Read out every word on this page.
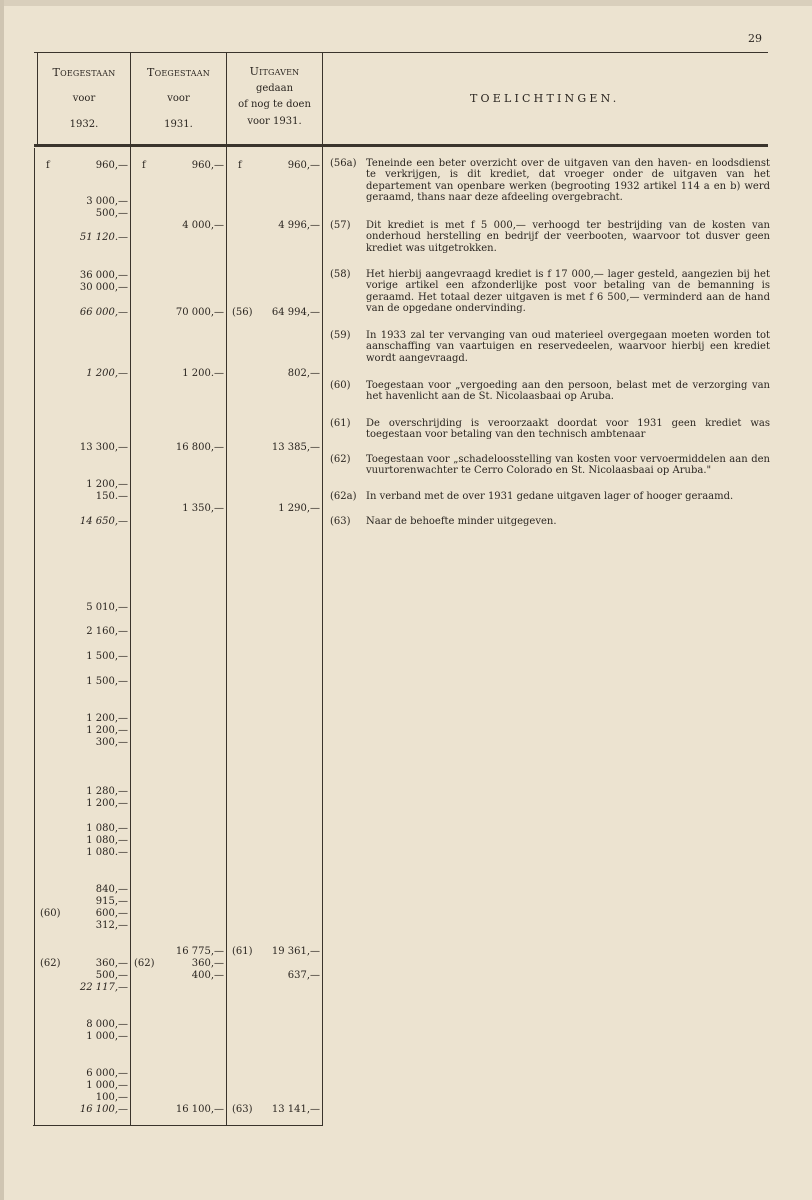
29
Toegestaan
voor
1932.
Toegestaan
voor
1931.
Uitgaven
gedaan
of nog te doen
voor 1931.
TOELICHTINGEN.
f	f	f
960,—
3 000,—
500,—
51 120.—
36 000,—
30 000,—
66 000,—
1 200,—
13 300,—
1 200,—
150.—
14 650,—
5 010,—
2 160,—
1 500,—
1 500,—
1 200,—
1 200,—
300,—
1 280,—
1 200,—
1 080,—
1 080,—
1 080.—
840,—
915,—
600,—
312,—
360,—
500,—
22 117,—
8 000,—
1 000,—
6 000,—
1 000,—
100,—
16 100,—
(60)
(62)
960,—
4 000,—
70 000,—
1 200.—
16 800,—
1 350,—
16 775,—
360,—
400,—
16 100,—
(62)
960,—
4 996,—
64 994,—
802,—
13 385,—
1 290,—
19 361,—
637,—
13 141,—
(56)
(61)
(63)
(56a) Teneinde een beter overzicht over de uitgaven van den haven- en loodsdienst te verkrijgen, is dit krediet, dat vroeger onder de uitgaven van het departement van openbare werken (begrooting 1932 artikel 114 a en b) werd geraamd, thans naar deze afdeeling overgebracht.
(57) Dit krediet is met f 5 000,— verhoogd ter bestrijding van de kosten van onderhoud herstelling en bedrijf der veerbooten, waarvoor tot dusver geen krediet was uitgetrokken.
(58) Het hierbij aangevraagd krediet is f 17 000,— lager gesteld, aangezien bij het vorige artikel een afzonderlijke post voor betaling van de bemanning is geraamd. Het totaal dezer uitgaven is met f 6 500,— verminderd aan de hand van de opgedane ondervinding.
(59) In 1933 zal ter vervanging van oud materieel overgegaan moeten worden tot aanschaffing van vaartuigen en reservedeelen, waarvoor hierbij een krediet wordt aangevraagd.
(60) Toegestaan voor „vergoeding aan den persoon, belast met de verzorging van het havenlicht aan de St. Nicolaasbaai op Aruba.
(61) De overschrijding is veroorzaakt doordat voor 1931 geen krediet was toegestaan voor betaling van den technisch ambtenaar
(62) Toegestaan voor „schadeloosstelling van kosten voor vervoermiddelen aan den vuurtorenwachter te Cerro Colorado en St. Nicolaasbaai op Aruba."
(62a) In verband met de over 1931 gedane uitgaven lager of hooger geraamd.
(63) Naar de behoefte minder uitgegeven.
